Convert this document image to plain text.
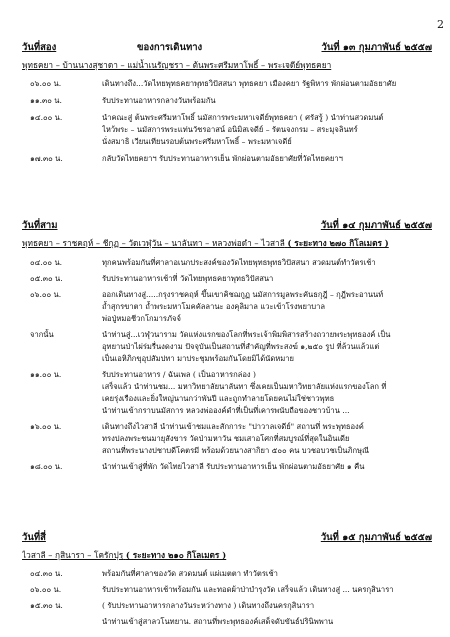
2
วันที่สอง	ของการเดินทาง	วันที่ ๑๓ กุมภาพันธ์ ๒๕๕๗
พุทธคยา – บ้านนางสุชาดา – แม่น้ำเนรัญชรา – ต้นพระศรีมหาโพธิ์ – พระเจดีย์พุทธคยา
๐๖.๐๐ น.	เดินทางถึง...วัดไทยพุทธคยาพุทธวิปัสสนา พุทธคยา เมืองคยา รัฐพิหาร พักผ่อนตามอัธยาศัย
๑๑.๓๐ น.	รับประทานอาหารกลางวันพร้อมกัน
๑๔.๐๐ น.	นำคณะสู่ ต้นพระศรีมหาโพธิ์ นมัสการพระมหาเจดีย์พุทธคยา ( ศรัสรู้ ) นำท่านสวดมนต์
ไหว้พระ – นมัสการพระแท่นวัชรอาสน์ อนิมิสเจดีย์ – รัตนจงกรม – สระมุจลินทร์
นั่งสมาธิ เวียนเทียนรอบต้นพระศรีมหาโพธิ์ – พระมหาเจดีย์
๑๗.๓๐ น.	กลับวัดไทยคยาฯ รับประทานอาหารเย็น พักผ่อนตามอัธยาศัยที่วัดไทยคยาฯ
วันที่สาม	วันที่ ๑๔ กุมภาพันธ์ ๒๕๕๗
พุทธคยา – ราชคฤห์ – ชีกุฏ – วัดเวฬุวัน – นาลันทา – หลวงพ่อดำ – ไวสาลี ( ระยะทาง ๒๗๐ กิโลเมตร )
๐๔.๐๐ น.	ทุกคนพร้อมกันที่ศาลาอเนกประสงค์ของวัดไทยพุทธพุทธวิปัสสนา สวดมนต์ทำวัตรเช้า
๐๕.๓๐ น.	รับประทานอาหารเช้าที่ วัดไทยพุทธคยาพุทธวิปัสสนา
๐๖.๐๐ น.	ออกเดินทางสู่.....กรุงราชคฤห์ ขึ้นเขาคิชฌกูฏ นมัสการมูลพระคันธกุฎี – กุฎีพระอานนท์
ถ้ำสุกรขาตา ถ้ำพระมหาโมคคัลลานะ องคุลิมาล แวะเข้าโรงพยาบาล
พ่อปู่หมอชีวกโกมารภัจจ์
จากนั้น	นำท่านสู่...เวฬุวนาราม วัดแห่งแรกของโลกที่พระเจ้าพิมพิสารสร้างถวายพระพุทธองค์ เป็น
อุทยานป่าไผ่ร่มรื่นงดงาม ปัจจุบันเป็นสถานที่สำคัญที่พระสงฆ์ ๑,๒๕๐ รูป ที่ล้วนแล้วแต่
เป็นเอหิภิกขุอุปสัมปทา มาประชุมพร้อมกันโดยมิได้นัดหมาย
๑๑.๐๐ น.	รับประทานอาหาร / ฉันเพล ( เป็นอาหารกล่อง )
เสร็จแล้ว นำท่านชม... มหาวิทยาลัยนาลันทา ซึ่งเคยเป็นมหาวิทยาลัยแห่งแรกของโลก ที่
เคยรุ่งเรืองและยิ่งใหญ่นานกว่าพันปี และถูกทำลายโดยคนไม่ใช่ชาวพุทธ
นำท่านเข้ากราบนมัสการ หลวงพ่อองค์ดำที่เป็นที่เคารพนับถือของชาวบ้าน ...
๑๖.๐๐ น.	เดินทางถึงไวสาลี นำท่านเข้าชมและสักการะ "ปาวาลเจดีย์" สถานที่ พระพุทธองค์
ทรงปลงพระชนมายุสังขาร วัดป่ามหาวัน ชมเสาอโศกที่สมบูรณ์ที่สุดในอินเดีย
สถานที่พระนางปชาบดีโคตรมี พร้อมด้วยนางสากิยา ๕๐๐ คน บวชอบวชเป็นภิกษุณี
๑๘.๐๐ น.	นำท่านเข้าสู่ที่พัก วัดไทยไวสาลี รับประทานอาหารเย็น พักผ่อนตามอัธยาศัย ๑ คืน
วันที่สี่	วันที่ ๑๕ กุมภาพันธ์ ๒๕๕๗
ไวสาลี – กุสินารา – โครักปุรฺ ( ระยะทาง ๒๑๐ กิโลเมตร )
๐๔.๓๐ น.	พร้อมกันที่ศาลาของวัด สวดมนต์ แผ่เมตตา ทำวัตรเช้า
๐๖.๐๐ น.	รับประทานอาหารเช้าพร้อมกัน และทอดผ้าป่าบำรุงวัด เสร็จแล้ว เดินทางสู่ ... นครกุสินารา
๑๕.๓๐ น.	( รับประทานอาหารกลางวันระหว่างทาง ) เดินทางถึงนครกุสินารา
นำท่านเข้าสู่สาลวโนทยาน. สถานที่พระพุทธองค์เสด็จดับขันธ์ปรินิพพาน
